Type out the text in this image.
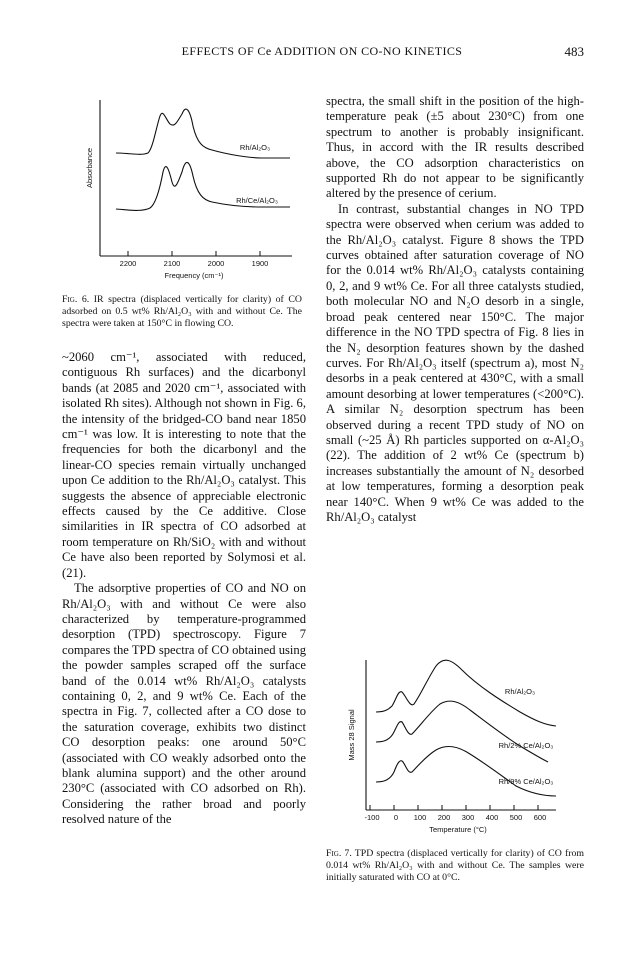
EFFECTS OF Ce ADDITION ON CO-NO KINETICS	483
2200	2100	2000	1900
Frequency (cm⁻¹)
Absorbance
Rh/Al₂O₃
Rh/Ce/Al₂O₃
Fig. 6. IR spectra (displaced vertically for clarity) of CO adsorbed on 0.5 wt% Rh/Al₂O₃ with and without Ce. The spectra were taken at 150°C in flowing CO.

~2060 cm⁻¹, associated with reduced, contiguous Rh surfaces) and the dicarbonyl bands (at 2085 and 2020 cm⁻¹, associated with isolated Rh sites). Although not shown in Fig. 6, the intensity of the bridged-CO band near 1850 cm⁻¹ was low. It is interesting to note that the frequencies for both the dicarbonyl and the linear-CO species remain virtually unchanged upon Ce addition to the Rh/Al₂O₃ catalyst. This suggests the absence of appreciable electronic effects caused by the Ce additive. Close similarities in IR spectra of CO adsorbed at room temperature on Rh/SiO₂ with and without Ce have also been reported by Solymosi et al. (21).

The adsorptive properties of CO and NO on Rh/Al₂O₃ with and without Ce were also characterized by temperature-programmed desorption (TPD) spectroscopy. Figure 7 compares the TPD spectra of CO obtained using the powder samples scraped off the surface band of the 0.014 wt% Rh/Al₂O₃ catalysts containing 0, 2, and 9 wt% Ce. Each of the spectra in Fig. 7, collected after a CO dose to the saturation coverage, exhibits two distinct CO desorption peaks: one around 50°C (associated with CO weakly adsorbed onto the blank alumina support) and the other around 230°C (associated with CO adsorbed on Rh). Considering the rather broad and poorly resolved nature of the

spectra, the small shift in the position of the high-temperature peak (±5 about 230°C) from one spectrum to another is probably insignificant. Thus, in accord with the IR results described above, the CO adsorption characteristics on supported Rh do not appear to be significantly altered by the presence of cerium.

In contrast, substantial changes in NO TPD spectra were observed when cerium was added to the Rh/Al₂O₃ catalyst. Figure 8 shows the TPD curves obtained after saturation coverage of NO for the 0.014 wt% Rh/Al₂O₃ catalysts containing 0, 2, and 9 wt% Ce. For all three catalysts studied, both molecular NO and N₂O desorb in a single, broad peak centered near 150°C. The major difference in the NO TPD spectra of Fig. 8 lies in the N₂ desorption features shown by the dashed curves. For Rh/Al₂O₃ itself (spectrum a), most N₂ desorbs in a peak centered at 430°C, with a small amount desorbing at lower temperatures (<200°C). A similar N₂ desorption spectrum has been observed during a recent TPD study of NO on small (~25 Å) Rh particles supported on α-Al₂O₃ (22). The addition of 2 wt% Ce (spectrum b) increases substantially the amount of N₂ desorbed at low temperatures, forming a desorption peak near 140°C. When 9 wt% Ce was added to the Rh/Al₂O₃ catalyst

-100 0 100 200 300 400 500 600
Temperature (°C)
Mass 28 Signal
Rh/Al₂O₃
Rh/2% Ce/Al₂O₃
Rh/9% Ce/Al₂O₃
Fig. 7. TPD spectra (displaced vertically for clarity) of CO from 0.014 wt% Rh/Al₂O₃ with and without Ce. The samples were initially saturated with CO at 0°C.
